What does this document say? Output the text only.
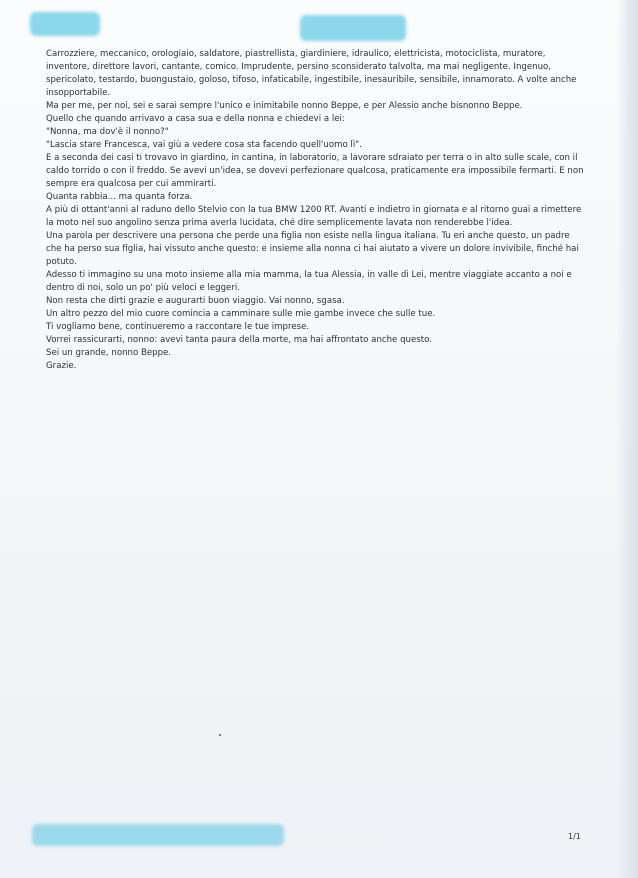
Carrozziere, meccanico, orologiaio, saldatore, piastrellista, giardiniere, idraulico, elettricista, motociclista, muratore, inventore, direttore lavori, cantante, comico. Imprudente, persino sconsiderato talvolta, ma mai negligente. Ingenuo, spericolato, testardo, buongustaio, goloso, tifoso, infaticabile, ingestibile, inesauribile, sensibile, innamorato. A volte anche insopportabile.

Ma per me, per noi, sei e sarai sempre l'unico e inimitabile nonno Beppe, e per Alessio anche bisnonno Beppe.

Quello che quando arrivavo a casa sua e della nonna e chiedevi a lei:

"Nonna, ma dov'è il nonno?"

"Lascia stare Francesca, vai giù a vedere cosa sta facendo quell'uomo lì".

E a seconda dei casi ti trovavo in giardino, in cantina, in laboratorio, a lavorare sdraiato per terra o in alto sulle scale, con il caldo torrido o con il freddo. Se avevi un'idea, se dovevi perfezionare qualcosa, praticamente era impossibile fermarti. E non sempre era qualcosa per cui ammirarti.

Quanta rabbia... ma quanta forza.

A più di ottant'anni al raduno dello Stelvio con la tua BMW 1200 RT. Avanti e indietro in giornata e al ritorno guai a rimettere la moto nel suo angolino senza prima averla lucidata, ché dire semplicemente lavata non renderebbe l'idea.

Una parola per descrivere una persona che perde una figlia non esiste nella lingua italiana. Tu eri anche questo, un padre che ha perso sua figlia, hai vissuto anche questo: e insieme alla nonna ci hai aiutato a vivere un dolore invivibile, finché hai potuto.

Adesso ti immagino su una moto insieme alla mia mamma, la tua Alessia, in valle di Lei, mentre viaggiate accanto a noi e dentro di noi, solo un po' più veloci e leggeri.

Non resta che dirti grazie e augurarti buon viaggio. Vai nonno, sgasa.

Un altro pezzo del mio cuore comincia a camminare sulle mie gambe invece che sulle tue.

Ti vogliamo bene, continueremo a raccontare le tue imprese.

Vorrei rassicurarti, nonno: avevi tanta paura della morte, ma hai affrontato anche questo.

Sei un grande, nonno Beppe.

Grazie.

1/1
